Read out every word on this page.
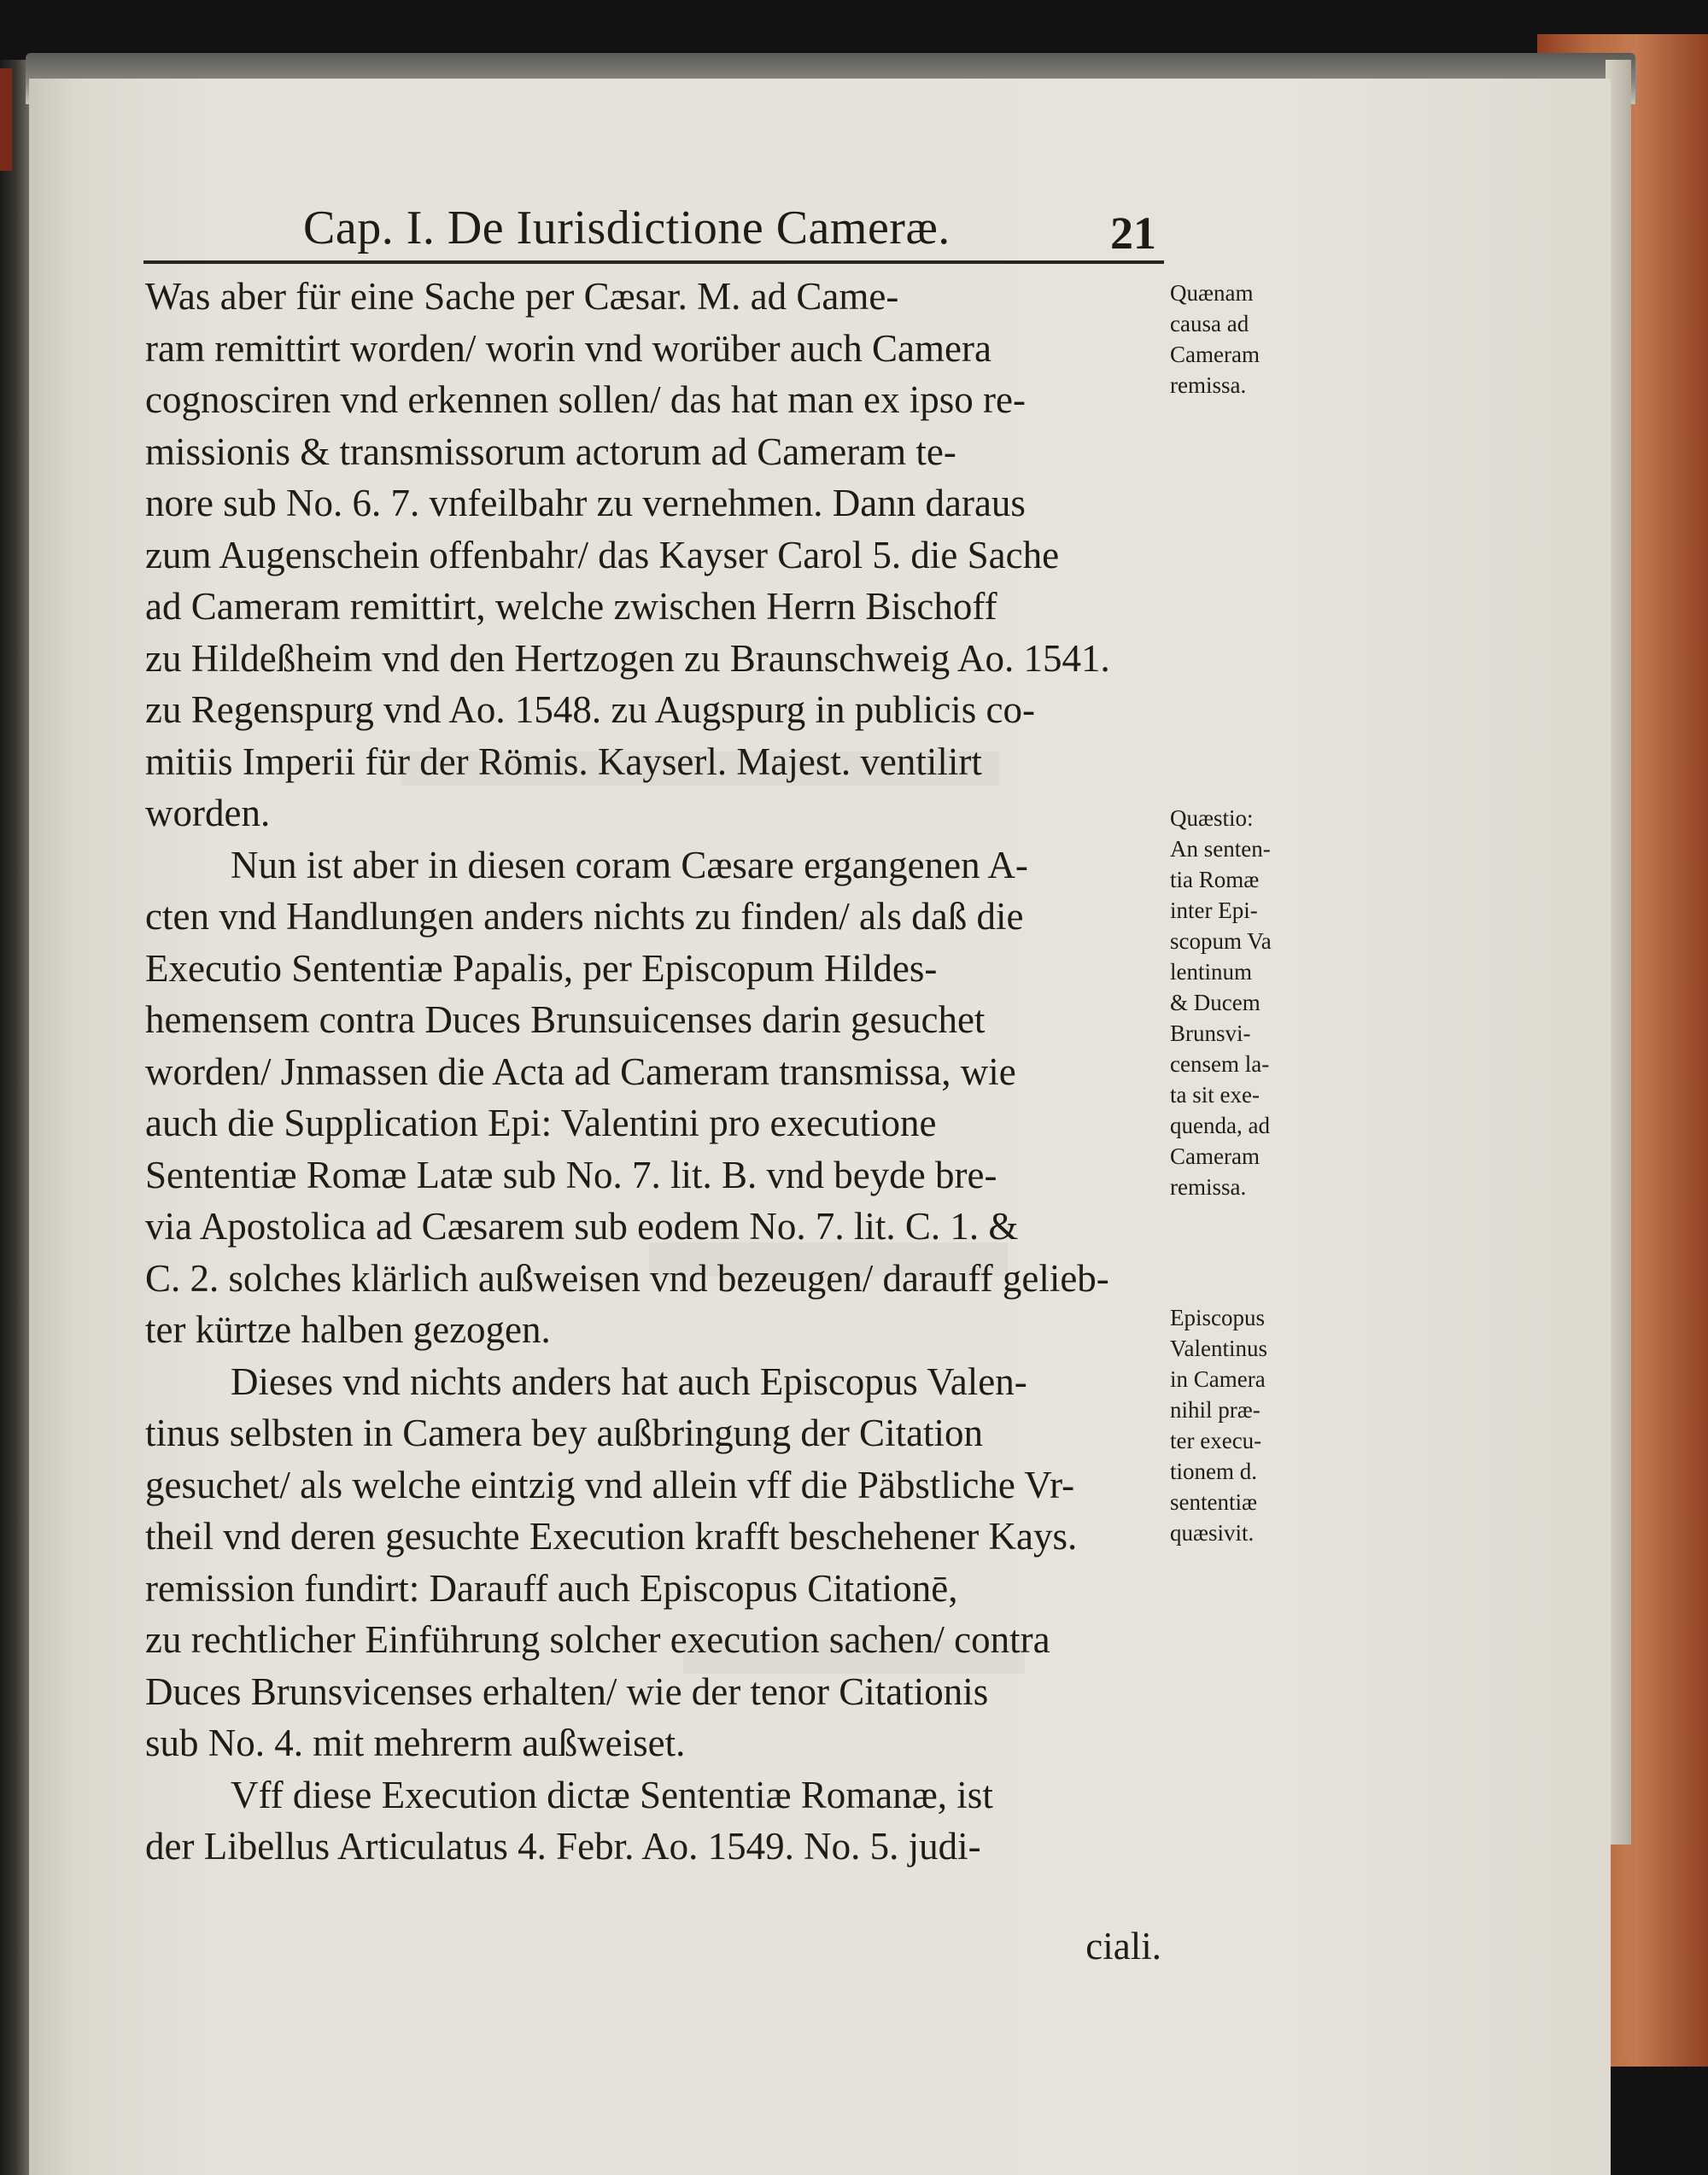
Cap. I. De Iurisdictione Cameræ.	21
Was aber für eine Sache per Cæsar. M. ad Came-
ram remittirt worden/ worin vnd worüber auch Camera
cognosciren vnd erkennen sollen/ das hat man ex ipso re-
missionis & transmissorum actorum ad Cameram te-
nore sub No. 6. 7. vnfeilbahr zu vernehmen. Dann daraus
zum Augenschein offenbahr/ das Kayser Carol 5. die Sache
ad Cameram remittirt, welche zwischen Herrn Bischoff
zu Hildeßheim vnd den Hertzogen zu Braunschweig Ao. 1541.
zu Regenspurg vnd Ao. 1548. zu Augspurg in publicis co-
mitiis Imperii für der Römis. Kayserl. Majest. ventilirt
worden.
Nun ist aber in diesen coram Cæsare ergangenen A-
cten vnd Handlungen anders nichts zu finden/ als daß die
Executio Sententiæ Papalis, per Episcopum Hildes-
hemensem contra Duces Brunsuicenses darin gesuchet
worden/ Jnmassen die Acta ad Cameram transmissa, wie
auch die Supplication Epi: Valentini pro executione
Sententiæ Romæ Latæ sub No. 7. lit. B. vnd beyde bre-
via Apostolica ad Cæsarem sub eodem No. 7. lit. C. 1. &
C. 2. solches klärlich außweisen vnd bezeugen/ darauff gelieb-
ter kürtze halben gezogen.
Dieses vnd nichts anders hat auch Episcopus Valen-
tinus selbsten in Camera bey außbringung der Citation
gesuchet/ als welche eintzig vnd allein vff die Päbstliche Vr-
theil vnd deren gesuchte Execution krafft beschehener Kays.
remission fundirt: Darauff auch Episcopus Citationē,
zu rechtlicher Einführung solcher execution sachen/ contra
Duces Brunsvicenses erhalten/ wie der tenor Citationis
sub No. 4. mit mehrerm außweiset.
Vff diese Execution dictæ Sententiæ Romanæ, ist
der Libellus Articulatus 4. Febr. Ao. 1549. No. 5. judi-
ciali.
Quænam
causa ad
Cameram
remissa.
Quæstio:
An senten-
tia Romæ
inter Epi-
scopum Va
lentinum
& Ducem
Brunsvi-
censem la-
ta sit exe-
quenda, ad
Cameram
remissa.
Episcopus
Valentinus
in Camera
nihil præ-
ter execu-
tionem d.
sententiæ
quæsivit.
